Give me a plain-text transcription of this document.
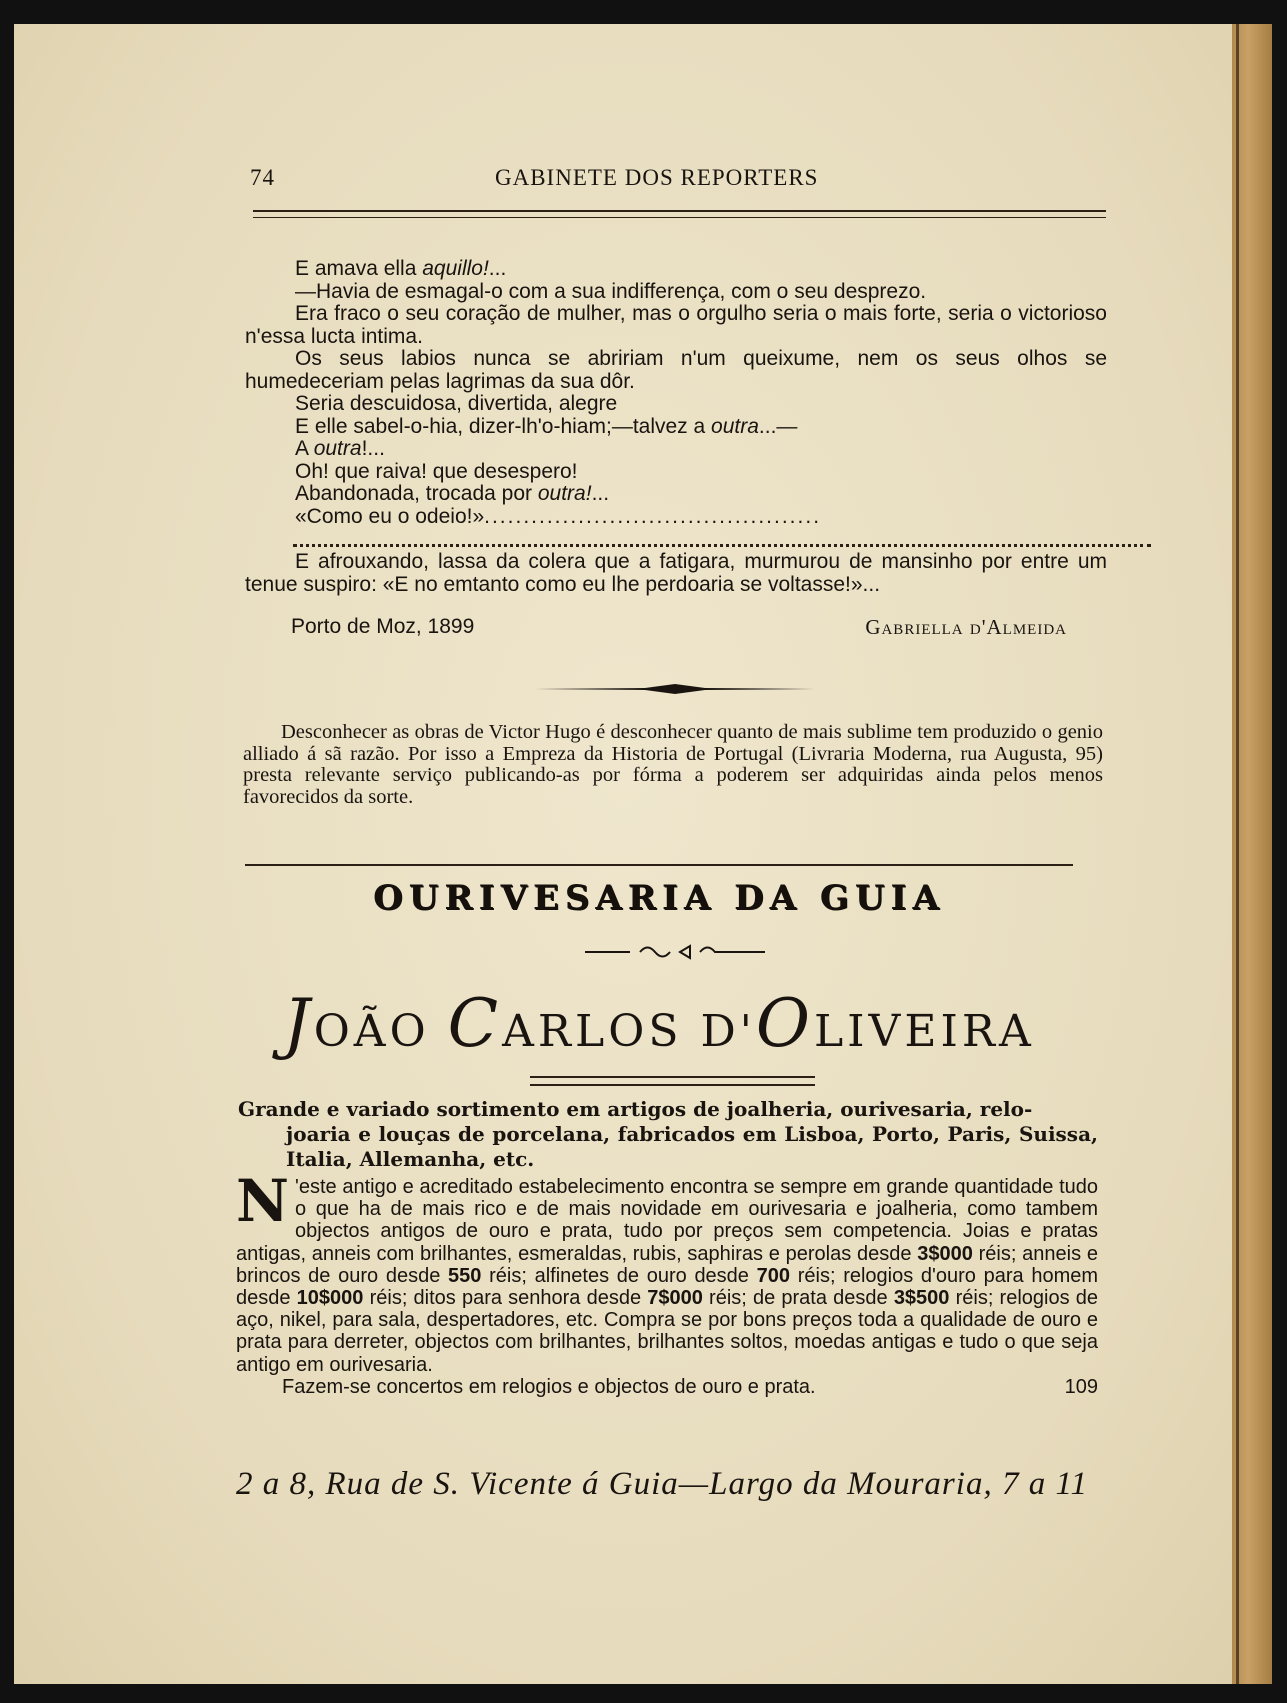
74	GABINETE DOS REPORTERS

E amava ella aquillo!...

—Havia de esmagal-o com a sua indifferença, com o seu desprezo.

Era fraco o seu coração de mulher, mas o orgulho seria o mais forte, seria o victorioso n'essa lucta intima.

Os seus labios nunca se abririam n'um queixume, nem os seus olhos se humedeceriam pelas lagrimas da sua dôr.

Seria descuidosa, divertida, alegre

E elle sabel-o-hia, dizer-lh'o-hiam;—talvez a outra...—

A outra!...

Oh! que raiva! que desespero!

Abandonada, trocada por outra!...

«Como eu o odeio!»...........................................

E afrouxando, lassa da colera que a fatigara, murmurou de mansinho por entre um tenue suspiro: «E no emtanto como eu lhe perdoaria se voltasse!»...

Porto de Moz, 1899	Gabriella d'Almeida

Desconhecer as obras de Victor Hugo é desconhecer quanto de mais sublime tem produzido o genio alliado á sã razão. Por isso a Empreza da Historia de Portugal (Livraria Moderna, rua Augusta, 95) presta relevante serviço publicando-as por fórma a poderem ser adquiridas ainda pelos menos favorecidos da sorte.

OURIVESARIA DA GUIA
JOÃO CARLOS D'OLIVEIRA
Grande e variado sortimento em artigos de joalheria, ourivesaria, relo-
joaria e louças de porcelana, fabricados em Lisboa, Porto, Paris, Suissa, Italia, Allemanha, etc.
N 'este antigo e acreditado estabelecimento encontra se sempre em grande quantidade tudo o que ha de mais rico e de mais novidade em ourivesaria e joalheria, como tambem objectos antigos de ouro e prata, tudo por preços sem competencia. Joias e pratas antigas, anneis com brilhantes, esmeraldas, rubis, saphiras e perolas desde 3$000 réis; anneis e brincos de ouro desde 550 réis; alfinetes de ouro desde 700 réis; relogios d'ouro para homem desde 10$000 réis; ditos para senhora desde 7$000 réis; de prata desde 3$500 réis; relogios de aço, nikel, para sala, despertadores, etc. Compra se por bons preços toda a qualidade de ouro e prata para derreter, objectos com brilhantes, brilhantes soltos, moedas antigas e tudo o que seja antigo em ourivesaria.
Fazem-se concertos em relogios e objectos de ouro e prata.	109
2 a 8, Rua de S. Vicente á Guia—Largo da Mouraria, 7 a 11
